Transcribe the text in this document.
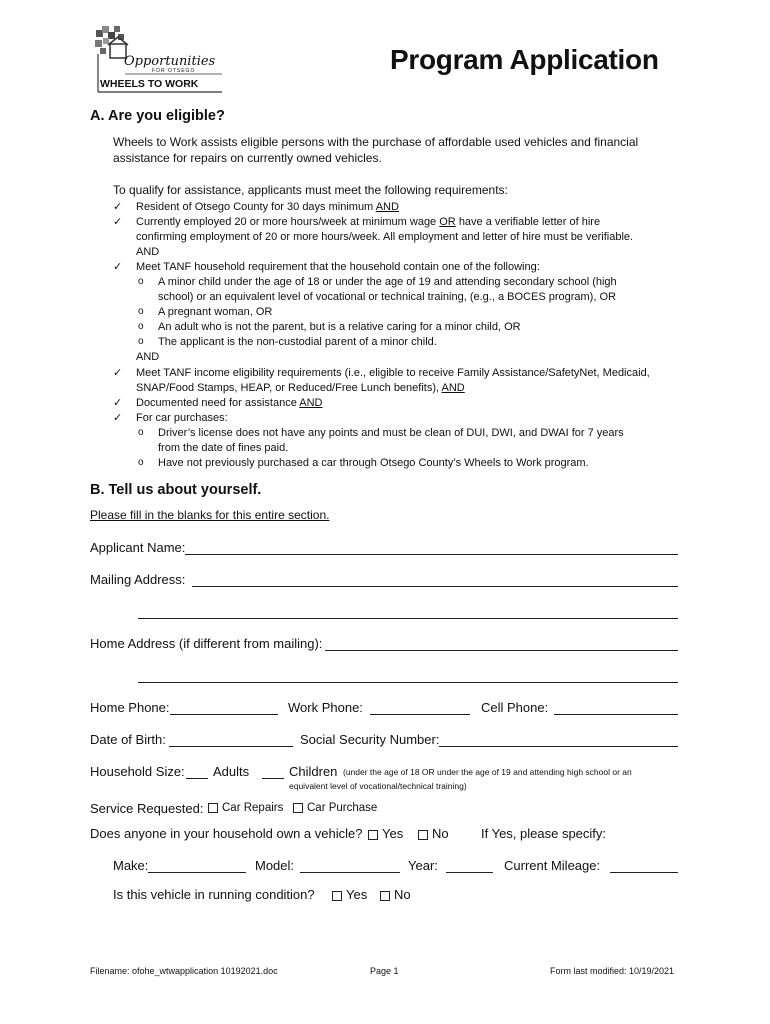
Opportunities
FOR OTSEGO
WHEELS TO WORK
Program Application
A. Are you eligible?
Wheels to Work assists eligible persons with the purchase of affordable used vehicles and financial
assistance for repairs on currently owned vehicles.
To qualify for assistance, applicants must meet the following requirements:
✓ Resident of Otsego County for 30 days minimum AND
✓ Currently employed 20 or more hours/week at minimum wage OR have a verifiable letter of hire
confirming employment of 20 or more hours/week. All employment and letter of hire must be verifiable.
AND
✓ Meet TANF household requirement that the household contain one of the following:
o A minor child under the age of 18 or under the age of 19 and attending secondary school (high
school) or an equivalent level of vocational or technical training, (e.g., a BOCES program), OR
o A pregnant woman, OR
o An adult who is not the parent, but is a relative caring for a minor child, OR
o The applicant is the non-custodial parent of a minor child.
AND
✓ Meet TANF income eligibility requirements (i.e., eligible to receive Family Assistance/SafetyNet, Medicaid,
SNAP/Food Stamps, HEAP, or Reduced/Free Lunch benefits), AND
✓ Documented need for assistance AND
✓ For car purchases:
o Driver’s license does not have any points and must be clean of DUI, DWI, and DWAI for 7 years
from the date of fines paid.
o Have not previously purchased a car through Otsego County’s Wheels to Work program.
B. Tell us about yourself.
Please fill in the blanks for this entire section.
Applicant Name:
Mailing Address:
Home Address (if different from mailing):
Home Phone:	Work Phone:	Cell Phone:
Date of Birth:	Social Security Number:
Household Size: Adults	Children (under the age of 18 OR under the age of 19 and attending high school or an
equivalent level of vocational/technical training)
Service Requested:	Car Repairs	Car Purchase
Does anyone in your household own a vehicle?	Yes	No If Yes, please specify:
Make:	Model:	Year:	Current Mileage:
Is this vehicle in running condition?	Yes	No
Filename: ofohe_wtwapplication 10192021.doc	Page 1	Form last modified: 10/19/2021
